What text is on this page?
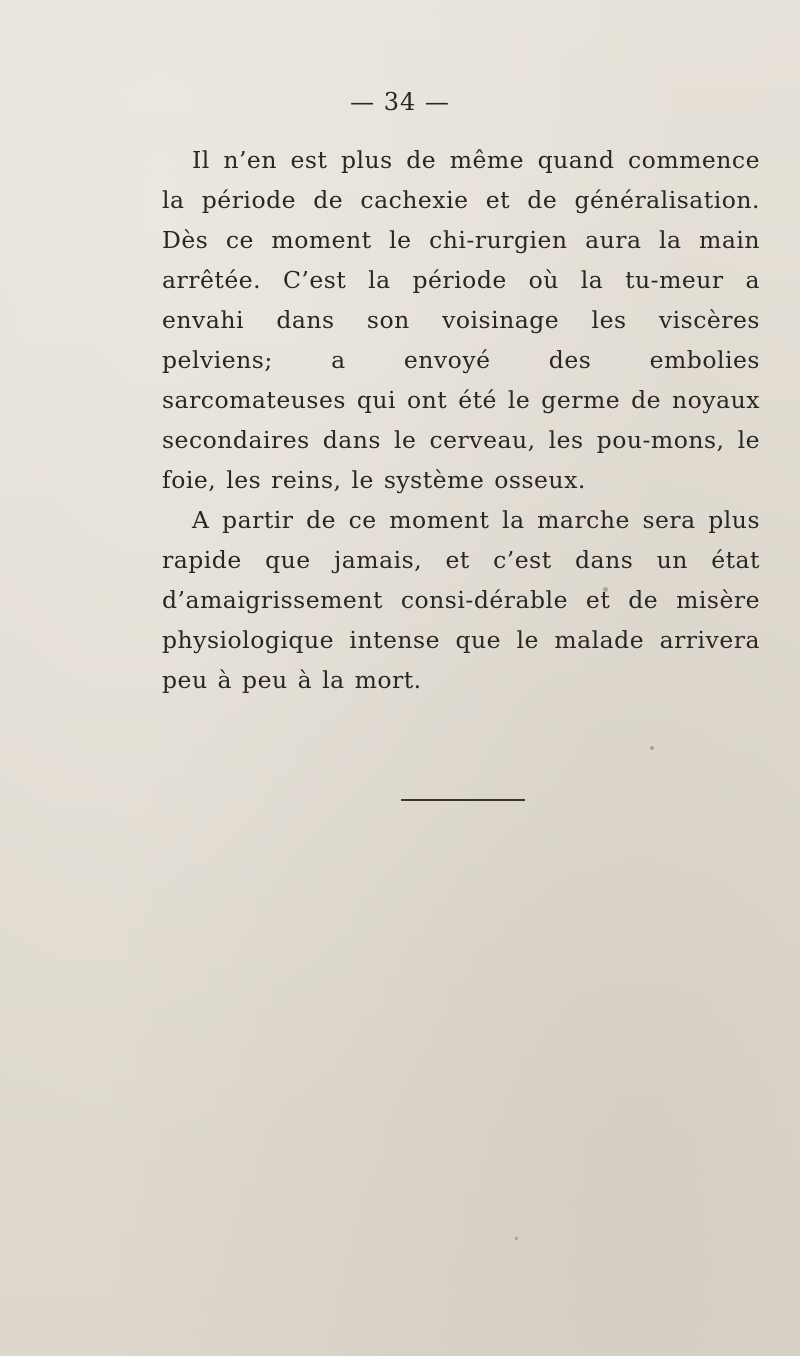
— 34 —

Il n’en est plus de même quand commence la période de cachexie et de généralisation. Dès ce moment le chi-rurgien aura la main arrêtée. C’est la période où la tu-meur a envahi dans son voisinage les viscères pelviens; a envoyé des embolies sarcomateuses qui ont été le germe de noyaux secondaires dans le cerveau, les pou-mons, le foie, les reins, le système osseux.

A partir de ce moment la marche sera plus rapide que jamais, et c’est dans un état d’amaigrissement consi-dérable et de misère physiologique intense que le malade arrivera peu à peu à la mort.
